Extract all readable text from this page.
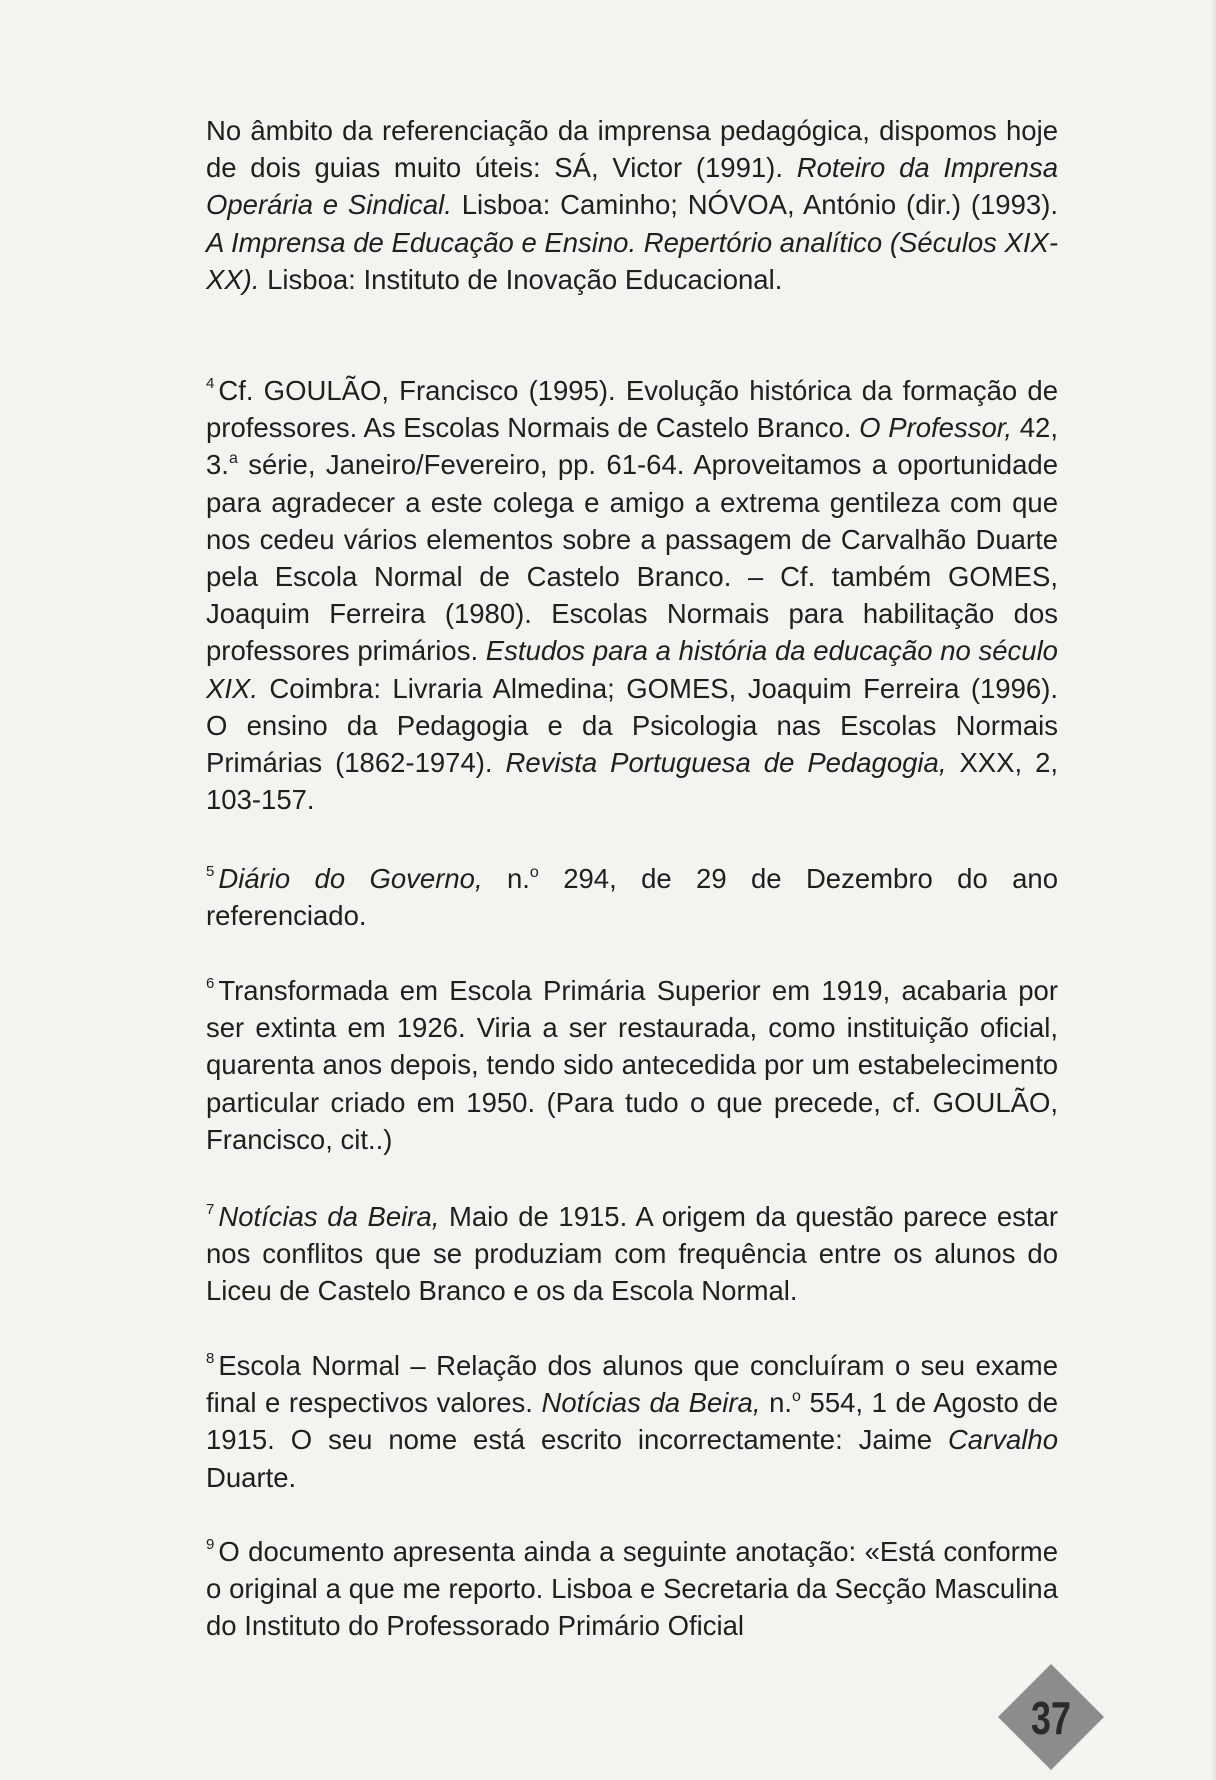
No âmbito da referenciação da imprensa pedagógica, dispomos hoje de dois guias muito úteis: SÁ, Victor (1991). Roteiro da Imprensa Operária e Sindical. Lisboa: Caminho; NÓVOA, António (dir.) (1993). A Imprensa de Educação e Ensino. Repertório analítico (Séculos XIX-XX). Lisboa: Instituto de Inovação Educacional.

$^4$ Cf. GOULÃO, Francisco (1995). Evolução histórica da formação de professores. As Escolas Normais de Castelo Branco. O Professor, 42, 3.$^a$ série, Janeiro/Fevereiro, pp. 61-64. Aproveitamos a oportunidade para agradecer a este colega e amigo a extrema gentileza com que nos cedeu vários elementos sobre a passagem de Carvalhão Duarte pela Escola Normal de Castelo Branco. – Cf. também GOMES, Joaquim Ferreira (1980). Escolas Normais para habilitação dos professores primários. Estudos para a história da educação no século XIX. Coimbra: Livraria Almedina; GOMES, Joaquim Ferreira (1996). O ensino da Pedagogia e da Psicologia nas Escolas Normais Primárias (1862-1974). Revista Portuguesa de Pedagogia, XXX, 2, 103-157.

$^5$ Diário do Governo, n.$^o$ 294, de 29 de Dezembro do ano referenciado.

$^6$ Transformada em Escola Primária Superior em 1919, acabaria por ser extinta em 1926. Viria a ser restaurada, como instituição oficial, quarenta anos depois, tendo sido antecedida por um estabelecimento particular criado em 1950. (Para tudo o que precede, cf. GOULÃO, Francisco, cit..)

$^7$ Notícias da Beira, Maio de 1915. A origem da questão parece estar nos conflitos que se produziam com frequência entre os alunos do Liceu de Castelo Branco e os da Escola Normal.

$^8$ Escola Normal – Relação dos alunos que concluíram o seu exame final e respectivos valores. Notícias da Beira, n.$^o$ 554, 1 de Agosto de 1915. O seu nome está escrito incorrectamente: Jaime Carvalho Duarte.

$^9$ O documento apresenta ainda a seguinte anotação: «Está conforme o original a que me reporto. Lisboa e Secretaria da Secção Masculina do Instituto do Professorado Primário Oficial

37
